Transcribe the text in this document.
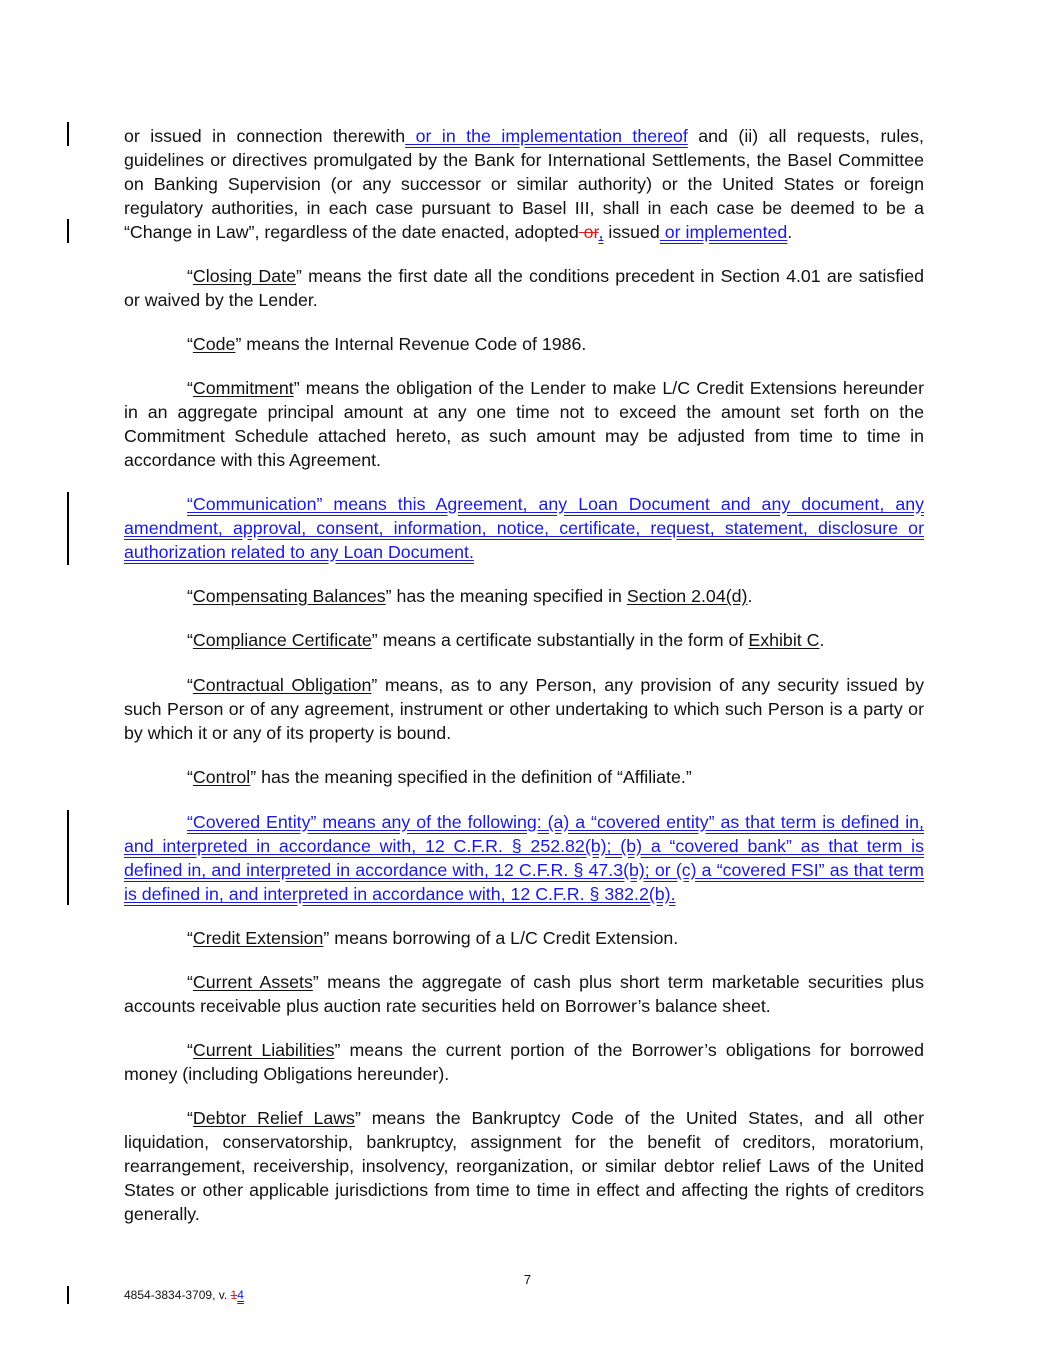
or issued in connection therewith or in the implementation thereof and (ii) all requests, rules, guidelines or directives promulgated by the Bank for International Settlements, the Basel Committee on Banking Supervision (or any successor or similar authority) or the United States or foreign regulatory authorities, in each case pursuant to Basel III, shall in each case be deemed to be a “Change in Law”, regardless of the date enacted, adopted or, issued or implemented.

“Closing Date” means the first date all the conditions precedent in Section 4.01 are satisfied or waived by the Lender.

“Code” means the Internal Revenue Code of 1986.

“Commitment” means the obligation of the Lender to make L/C Credit Extensions hereunder in an aggregate principal amount at any one time not to exceed the amount set forth on the Commitment Schedule attached hereto, as such amount may be adjusted from time to time in accordance with this Agreement.

“Communication” means this Agreement, any Loan Document and any document, any amendment, approval, consent, information, notice, certificate, request, statement, disclosure or authorization related to any Loan Document.

“Compensating Balances” has the meaning specified in Section 2.04(d).

“Compliance Certificate” means a certificate substantially in the form of Exhibit C.

“Contractual Obligation” means, as to any Person, any provision of any security issued by such Person or of any agreement, instrument or other undertaking to which such Person is a party or by which it or any of its property is bound.

“Control” has the meaning specified in the definition of “Affiliate.”

“Covered Entity” means any of the following: (a) a “covered entity” as that term is defined in, and interpreted in accordance with, 12 C.F.R. § 252.82(b); (b) a “covered bank” as that term is defined in, and interpreted in accordance with, 12 C.F.R. § 47.3(b); or (c) a “covered FSI” as that term is defined in, and interpreted in accordance with, 12 C.F.R. § 382.2(b).

“Credit Extension” means borrowing of a L/C Credit Extension.

“Current Assets” means the aggregate of cash plus short term marketable securities plus accounts receivable plus auction rate securities held on Borrower’s balance sheet.

“Current Liabilities” means the current portion of the Borrower’s obligations for borrowed money (including Obligations hereunder).

“Debtor Relief Laws” means the Bankruptcy Code of the United States, and all other liquidation, conservatorship, bankruptcy, assignment for the benefit of creditors, moratorium, rearrangement, receivership, insolvency, reorganization, or similar debtor relief Laws of the United States or other applicable jurisdictions from time to time in effect and affecting the rights of creditors generally.

7
4854-3834-3709, v. 14
